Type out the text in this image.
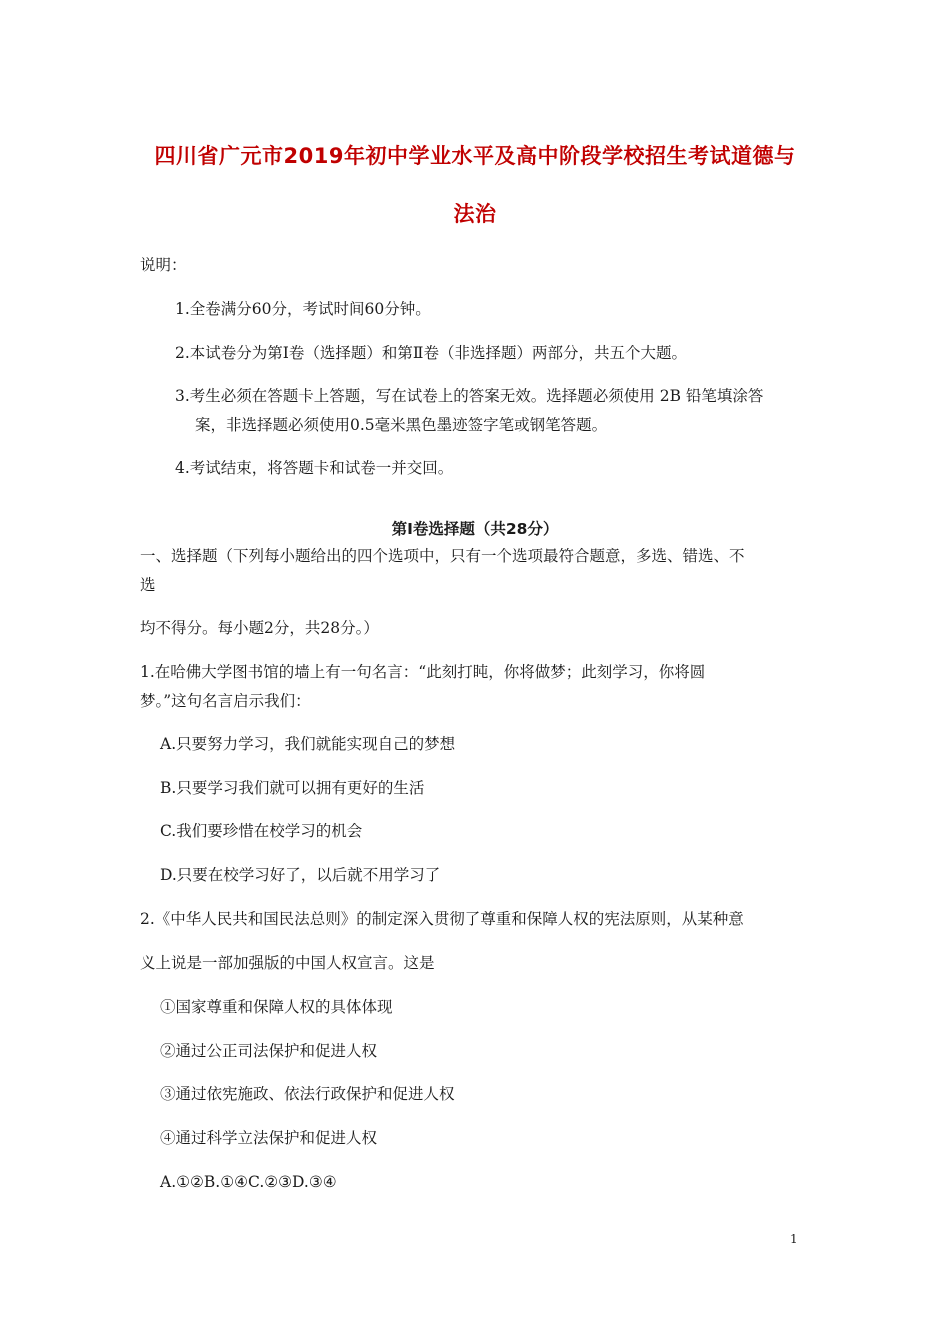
四川省广元市2019年初中学业水平及高中阶段学校招生考试道德与
法治

说明：

1.全卷满分60分，考试时间60分钟。

2.本试卷分为第Ⅰ卷（选择题）和第Ⅱ卷（非选择题）两部分，共五个大题。

3.考生必须在答题卡上答题，写在试卷上的答案无效。选择题必须使用 2B 铅笔填涂答

案，非选择题必须使用0.5毫米黑色墨迹签字笔或钢笔答题。

4.考试结束，将答题卡和试卷一并交回。

第Ⅰ卷选择题（共28分）

一、选择题（下列每小题给出的四个选项中，只有一个选项最符合题意，多选、错选、不

选

均不得分。每小题2分，共28分。）

1.在哈佛大学图书馆的墙上有一句名言：“此刻打盹，你将做梦；此刻学习，你将圆

梦。”这句名言启示我们：

A.只要努力学习，我们就能实现自己的梦想

B.只要学习我们就可以拥有更好的生活

C.我们要珍惜在校学习的机会

D.只要在校学习好了，以后就不用学习了

2.《中华人民共和国民法总则》的制定深入贯彻了尊重和保障人权的宪法原则，从某种意

义上说是一部加强版的中国人权宣言。这是

①国家尊重和保障人权的具体体现

②通过公正司法保护和促进人权

③通过依宪施政、依法行政保护和促进人权

④通过科学立法保护和促进人权

A.①②B.①④C.②③D.③④

1
